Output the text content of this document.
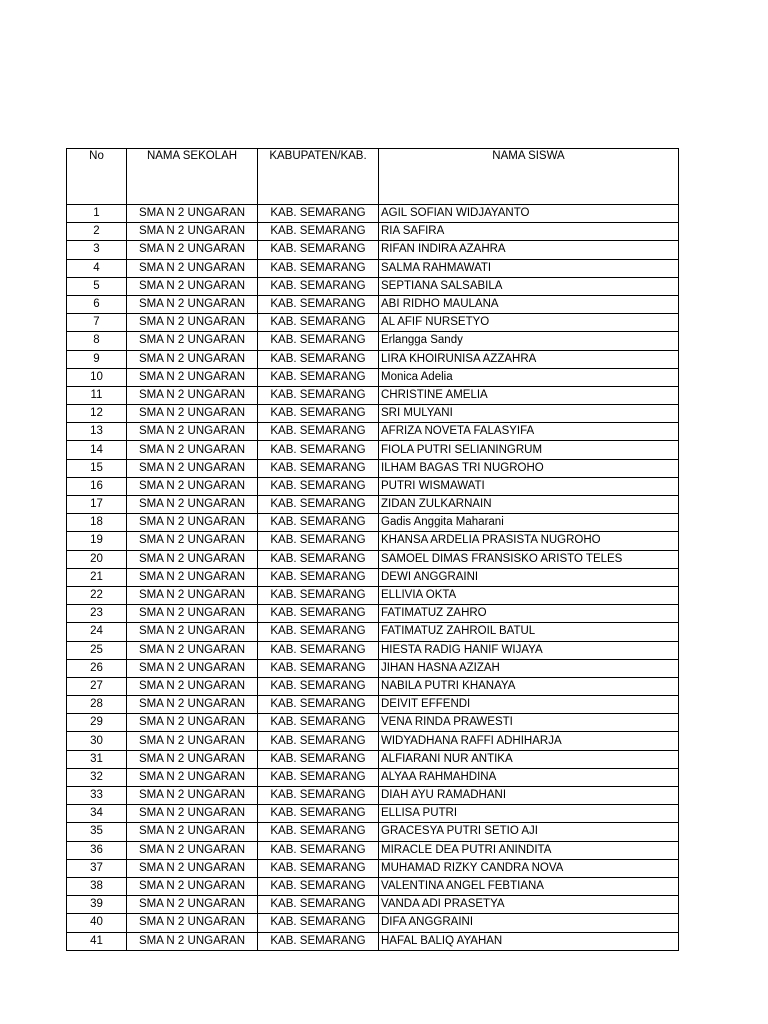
No	NAMA SEKOLAH	KABUPATEN/KAB.	NAMA SISWA
1	SMA N 2 UNGARAN	KAB. SEMARANG	AGIL SOFIAN WIDJAYANTO
2	SMA N 2 UNGARAN	KAB. SEMARANG	RIA SAFIRA
3	SMA N 2 UNGARAN	KAB. SEMARANG	RIFAN INDIRA AZAHRA
4	SMA N 2 UNGARAN	KAB. SEMARANG	SALMA RAHMAWATI
5	SMA N 2 UNGARAN	KAB. SEMARANG	SEPTIANA SALSABILA
6	SMA N 2 UNGARAN	KAB. SEMARANG	ABI RIDHO MAULANA
7	SMA N 2 UNGARAN	KAB. SEMARANG	AL AFIF NURSETYO
8	SMA N 2 UNGARAN	KAB. SEMARANG	Erlangga Sandy
9	SMA N 2 UNGARAN	KAB. SEMARANG	LIRA KHOIRUNISA AZZAHRA
10	SMA N 2 UNGARAN	KAB. SEMARANG	Monica Adelia
11	SMA N 2 UNGARAN	KAB. SEMARANG	CHRISTINE AMELIA
12	SMA N 2 UNGARAN	KAB. SEMARANG	SRI MULYANI
13	SMA N 2 UNGARAN	KAB. SEMARANG	AFRIZA NOVETA FALASYIFA
14	SMA N 2 UNGARAN	KAB. SEMARANG	FIOLA PUTRI SELIANINGRUM
15	SMA N 2 UNGARAN	KAB. SEMARANG	ILHAM BAGAS TRI NUGROHO
16	SMA N 2 UNGARAN	KAB. SEMARANG	PUTRI WISMAWATI
17	SMA N 2 UNGARAN	KAB. SEMARANG	ZIDAN ZULKARNAIN
18	SMA N 2 UNGARAN	KAB. SEMARANG	Gadis Anggita Maharani
19	SMA N 2 UNGARAN	KAB. SEMARANG	KHANSA ARDELIA PRASISTA NUGROHO
20	SMA N 2 UNGARAN	KAB. SEMARANG	SAMOEL DIMAS FRANSISKO ARISTO TELES
21	SMA N 2 UNGARAN	KAB. SEMARANG	DEWI ANGGRAINI
22	SMA N 2 UNGARAN	KAB. SEMARANG	ELLIVIA OKTA
23	SMA N 2 UNGARAN	KAB. SEMARANG	FATIMATUZ ZAHRO
24	SMA N 2 UNGARAN	KAB. SEMARANG	FATIMATUZ ZAHROIL BATUL
25	SMA N 2 UNGARAN	KAB. SEMARANG	HIESTA RADIG HANIF WIJAYA
26	SMA N 2 UNGARAN	KAB. SEMARANG	JIHAN HASNA AZIZAH
27	SMA N 2 UNGARAN	KAB. SEMARANG	NABILA PUTRI KHANAYA
28	SMA N 2 UNGARAN	KAB. SEMARANG	DEIVIT EFFENDI
29	SMA N 2 UNGARAN	KAB. SEMARANG	VENA RINDA PRAWESTI
30	SMA N 2 UNGARAN	KAB. SEMARANG	WIDYADHANA RAFFI ADHIHARJA
31	SMA N 2 UNGARAN	KAB. SEMARANG	ALFIARANI NUR ANTIKA
32	SMA N 2 UNGARAN	KAB. SEMARANG	ALYAA RAHMAHDINA
33	SMA N 2 UNGARAN	KAB. SEMARANG	DIAH AYU RAMADHANI
34	SMA N 2 UNGARAN	KAB. SEMARANG	ELLISA PUTRI
35	SMA N 2 UNGARAN	KAB. SEMARANG	GRACESYA PUTRI SETIO AJI
36	SMA N 2 UNGARAN	KAB. SEMARANG	MIRACLE DEA PUTRI ANINDITA
37	SMA N 2 UNGARAN	KAB. SEMARANG	MUHAMAD RIZKY CANDRA NOVA
38	SMA N 2 UNGARAN	KAB. SEMARANG	VALENTINA ANGEL FEBTIANA
39	SMA N 2 UNGARAN	KAB. SEMARANG	VANDA ADI PRASETYA
40	SMA N 2 UNGARAN	KAB. SEMARANG	DIFA ANGGRAINI
41	SMA N 2 UNGARAN	KAB. SEMARANG	HAFAL BALIQ AYAHAN
